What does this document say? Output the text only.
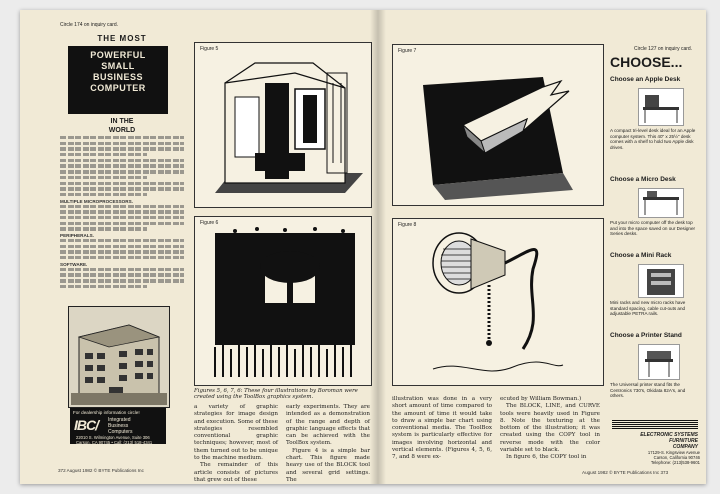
Circle 174 on inquiry card.
THE MOST
POWERFUL
SMALL
BUSINESS
COMPUTER
IN THE
WORLD
MULTIPLE MICROPROCESSORS.
PERIPHERALS.
SOFTWARE.
For dealership information circle!
IBC/ Integrated
Business
Computers
22010 S. Wilmington Avenue, Suite 306
Carson, CA 90745 • Call: (213) 518-4341
Figure 5
Figure 6
Figures 5, 6, 7, 6: These four illustrations by Boroman were created using the ToolBox graphics system.
a variety of graphic strategies for image design and execution. Some of these strategies resembled conventional graphic techniques; however, most of them turned out to be unique to the machine medium.
The remainder of this article consists of pictures that grew out of these
early experiments. They are intended as a demonstration of the range and depth of graphic language effects that can be achieved with the ToolBox system.
Figure 4 is a simple bar chart. This figure made heavy use of the BLOCK tool and several grid settings. The
372 August 1982 © BYTE Publications Inc
Figure 7
Figure 8
illustration was done in a very short amount of time compared to the amount of time it would take to draw a simple bar chart using conventional media. The ToolBox system is particularly effective for images involving horizontal and vertical elements. (Figures 4, 5, 6, 7, and 8 were ex-
ecuted by William Bowman.)
The BLOCK, LINE, and CURVE tools were heavily used in Figure 8. Note the texturing at the bottom of the illustration; it was created using the COPY tool in reverse mode with the color variable set to black.
In figure 6, the COPY tool in
Circle 127 on inquiry card.
CHOOSE...
Choose an Apple Desk
A compact tri-level desk ideal for an Apple computer system. This 40" x 25½" desk comes with a shelf to hold two Apple disk drives.
Choose a Micro Desk
Put your micro computer off the desk top and into the space saved on our Designer Series desks.
Choose a Mini Rack
Mini racks and new micro racks have standard spacing, cable cut-outs and adjustable PETRA rails.
Choose a Printer Stand
The Universal printer stand fits the Centronics 730's, Okidata 82A's, and others.
ELECTRONIC SYSTEMS
FURNITURE
COMPANY
17129-S. Kingsview Avenue
Carson, California 90746
Telephone: (213)538-9601
August 1982 © BYTE Publications Inc 373
